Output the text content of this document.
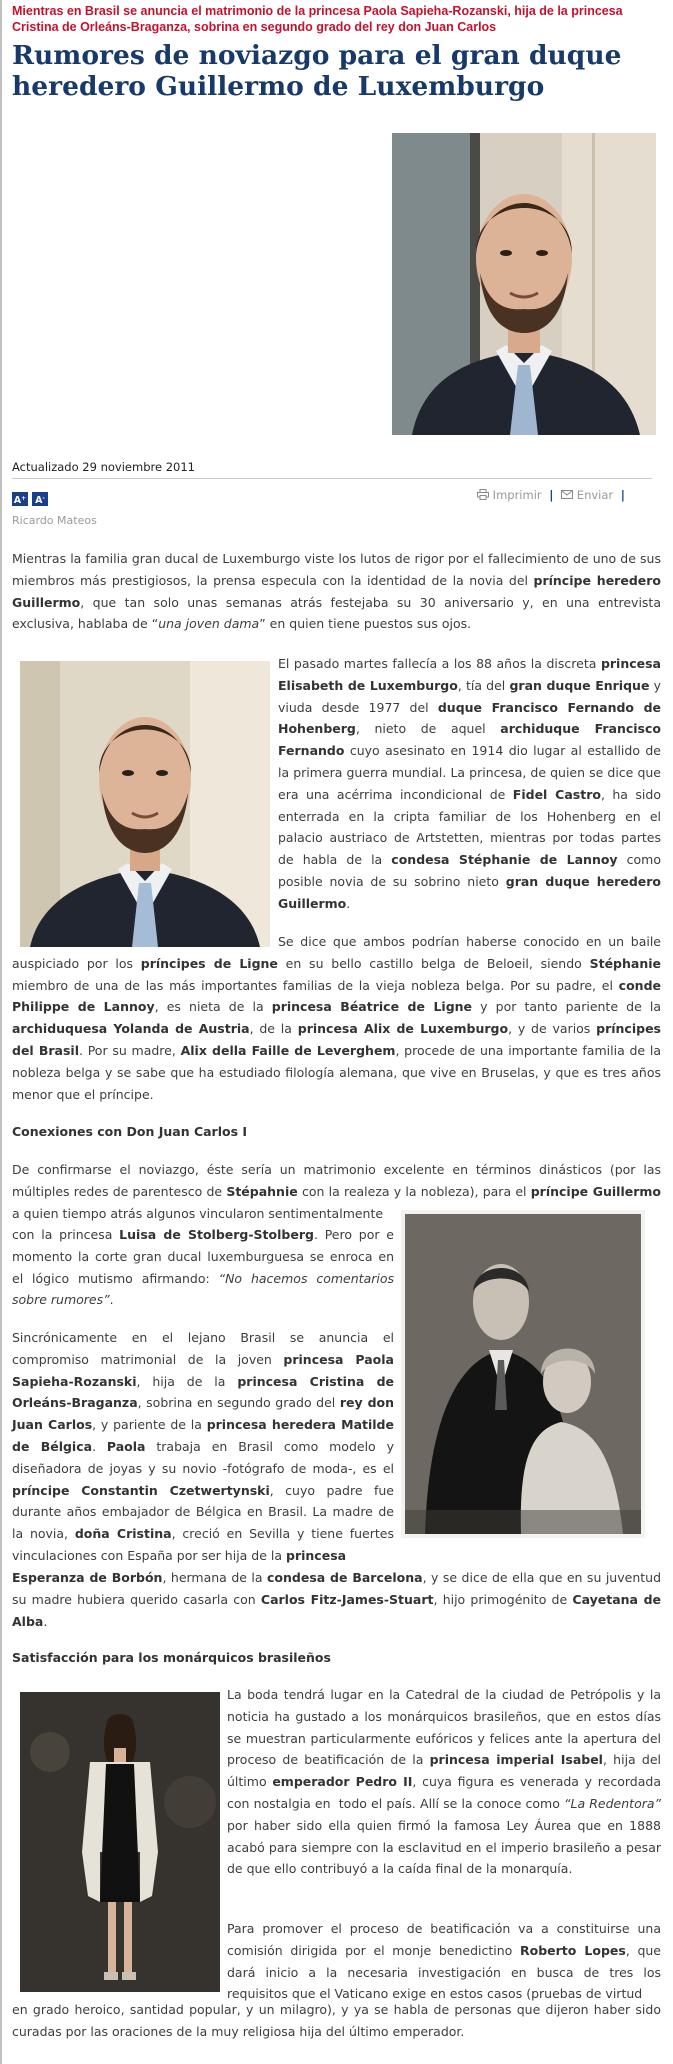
Mientras en Brasil se anuncia el matrimonio de la princesa Paola Sapieha-Rozanski, hija de la princesa Cristina de Orleáns-Braganza, sobrina en segundo grado del rey don Juan Carlos
Rumores de noviazgo para el gran duque heredero Guillermo de Luxemburgo
Actualizado 29 noviembre 2011
A+ A-	Imprimir | Enviar |
Ricardo Mateos
Mientras la familia gran ducal de Luxemburgo viste los lutos de rigor por el fallecimiento de uno de sus miembros más prestigiosos, la prensa especula con la identidad de la novia del príncipe heredero Guillermo, que tan solo unas semanas atrás festejaba su 30 aniversario y, en una entrevista exclusiva, hablaba de “una joven dama” en quien tiene puestos sus ojos.
El pasado martes fallecía a los 88 años la discreta princesa Elisabeth de Luxemburgo, tía del gran duque Enrique y viuda desde 1977 del duque Francisco Fernando de Hohenberg, nieto de aquel archiduque Francisco Fernando cuyo asesinato en 1914 dio lugar al estallido de la primera guerra mundial. La princesa, de quien se dice que era una acérrima incondicional de Fidel Castro, ha sido enterrada en la cripta familiar de los Hohenberg en el palacio austriaco de Artstetten, mientras por todas partes de habla de la condesa Stéphanie de Lannoy como posible novia de su sobrino nieto gran duque heredero Guillermo.
Se dice que ambos podrían haberse conocido en un baile auspiciado por los príncipes de Ligne en su bello castillo belga de Beloeil, siendo Stéphanie miembro de una de las más importantes familias de la vieja nobleza belga. Por su padre, el conde Philippe de Lannoy, es nieta de la princesa Béatrice de Ligne y por tanto pariente de la archiduquesa Yolanda de Austria, de la princesa Alix de Luxemburgo, y de varios príncipes del Brasil. Por su madre, Alix della Faille de Leverghem, procede de una importante familia de la nobleza belga y se sabe que ha estudiado filología alemana, que vive en Bruselas, y que es tres años menor que el príncipe.
Conexiones con Don Juan Carlos I
De confirmarse el noviazgo, éste sería un matrimonio excelente en términos dinásticos (por las múltiples redes de parentesco de Stépahnie con la realeza y la nobleza), para el príncipe Guillermo a quien tiempo atrás algunos vincularon sentimentalmente
con la princesa Luisa de Stolberg-Stolberg. Pero por e momento la corte gran ducal luxemburguesa se enroca en el lógico mutismo afirmando: “No hacemos comentarios sobre rumores”.
Sincrónicamente en el lejano Brasil se anuncia el compromiso matrimonial de la joven princesa Paola Sapieha-Rozanski, hija de la princesa Cristina de Orleáns-Braganza, sobrina en segundo grado del rey don Juan Carlos, y pariente de la princesa heredera Matilde de Bélgica. Paola trabaja en Brasil como modelo y diseñadora de joyas y su novio -fotógrafo de moda-, es el príncipe Constantin Czetwertynski, cuyo padre fue durante años embajador de Bélgica en Brasil. La madre de la novia, doña Cristina, creció en Sevilla y tiene fuertes vinculaciones con España por ser hija de la princesa
Esperanza de Borbón, hermana de la condesa de Barcelona, y se dice de ella que en su juventud su madre hubiera querido casarla con Carlos Fitz-James-Stuart, hijo primogénito de Cayetana de Alba.
Satisfacción para los monárquicos brasileños
La boda tendrá lugar en la Catedral de la ciudad de Petrópolis y la noticia ha gustado a los monárquicos brasileños, que en estos días se muestran particularmente eufóricos y felices ante la apertura del proceso de beatificación de la princesa imperial Isabel, hija del último emperador Pedro II, cuya figura es venerada y recordada con nostalgia en  todo el país. Allí se la conoce como “La Redentora” por haber sido ella quien firmó la famosa Ley Áurea que en 1888 acabó para siempre con la esclavitud en el imperio brasileño a pesar de que ello contribuyó a la caída final de la monarquía.
Para promover el proceso de beatificación va a constituirse una comisión dirigida por el monje benedictino Roberto Lopes, que dará inicio a la necesaria investigación en busca de tres los requisitos que el Vaticano exige en estos casos (pruebas de virtud
en grado heroico, santidad popular, y un milagro), y ya se habla de personas que dijeron haber sido curadas por las oraciones de la muy religiosa hija del último emperador.
